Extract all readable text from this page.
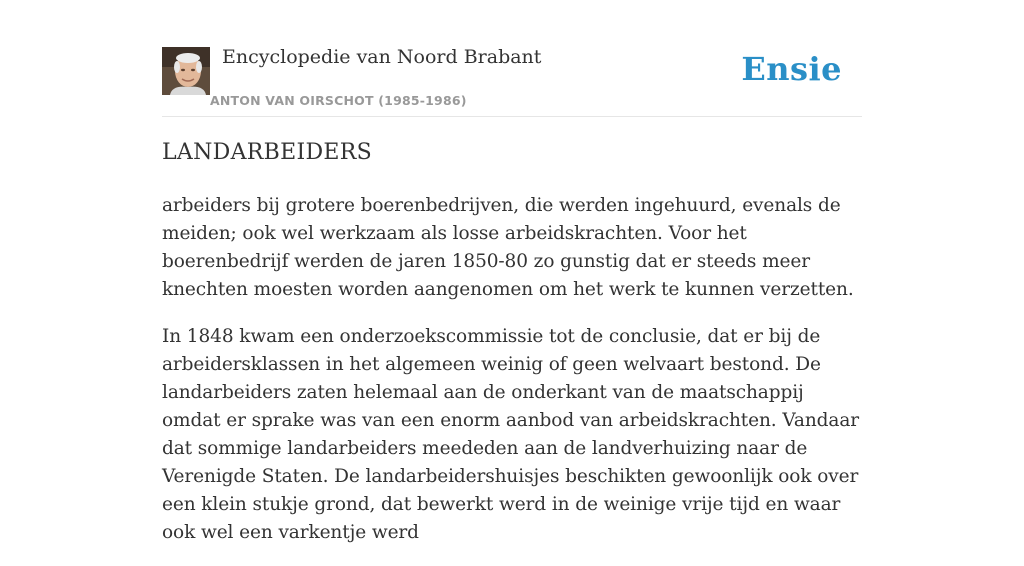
Encyclopedie van Noord Brabant
ANTON VAN OIRSCHOT (1985-1986)
Ensie
LANDARBEIDERS

arbeiders bij grotere boerenbedrijven, die werden ingehuurd, evenals de meiden; ook wel werkzaam als losse arbeidskrachten. Voor het boerenbedrijf werden de jaren 1850-80 zo gunstig dat er steeds meer knechten moesten worden aangenomen om het werk te kunnen verzetten.

In 1848 kwam een onderzoekscommissie tot de conclusie, dat er bij de arbeidersklassen in het algemeen weinig of geen welvaart bestond. De landarbeiders zaten helemaal aan de onderkant van de maatschappij omdat er sprake was van een enorm aanbod van arbeidskrachten. Vandaar dat sommige landarbeiders meededen aan de landverhuizing naar de Verenigde Staten. De landarbeidershuisjes beschikten gewoonlijk ook over een klein stukje grond, dat bewerkt werd in de weinige vrije tijd en waar ook wel een varkentje werd
